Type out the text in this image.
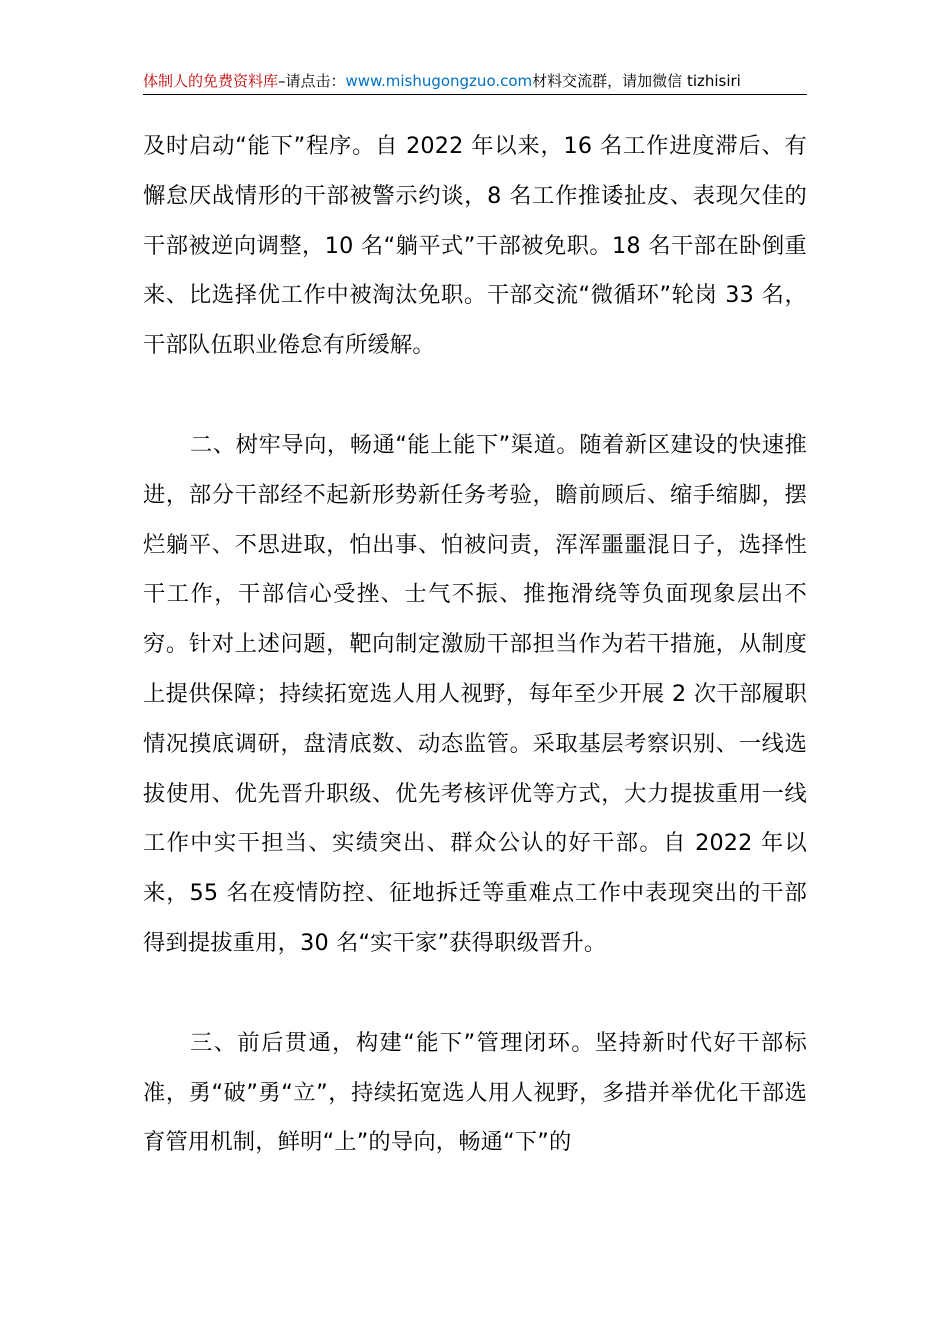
体制人的免费资料库–请点击：www.mishugongzuo.com材料交流群，请加微信 tizhisiri

及时启动“能下”程序。自 2022 年以来，16 名工作进度滞后、有懈怠厌战情形的干部被警示约谈，8 名工作推诿扯皮、表现欠佳的干部被逆向调整，10 名“躺平式”干部被免职。18 名干部在卧倒重来、比选择优工作中被淘汰免职。干部交流“微循环”轮岗 33 名，干部队伍职业倦怠有所缓解。

二、树牢导向，畅通“能上能下”渠道。随着新区建设的快速推进，部分干部经不起新形势新任务考验，瞻前顾后、缩手缩脚，摆烂躺平、不思进取，怕出事、怕被问责，浑浑噩噩混日子，选择性干工作，干部信心受挫、士气不振、推拖滑绕等负面现象层出不穷。针对上述问题，靶向制定激励干部担当作为若干措施，从制度上提供保障；持续拓宽选人用人视野，每年至少开展 2 次干部履职情况摸底调研，盘清底数、动态监管。采取基层考察识别、一线选拔使用、优先晋升职级、优先考核评优等方式，大力提拔重用一线工作中实干担当、实绩突出、群众公认的好干部。自 2022 年以来，55 名在疫情防控、征地拆迁等重难点工作中表现突出的干部得到提拔重用，30 名“实干家”获得职级晋升。

三、前后贯通，构建“能下”管理闭环。坚持新时代好干部标准，勇“破”勇“立”，持续拓宽选人用人视野，多措并举优化干部选育管用机制，鲜明“上”的导向，畅通“下”的
